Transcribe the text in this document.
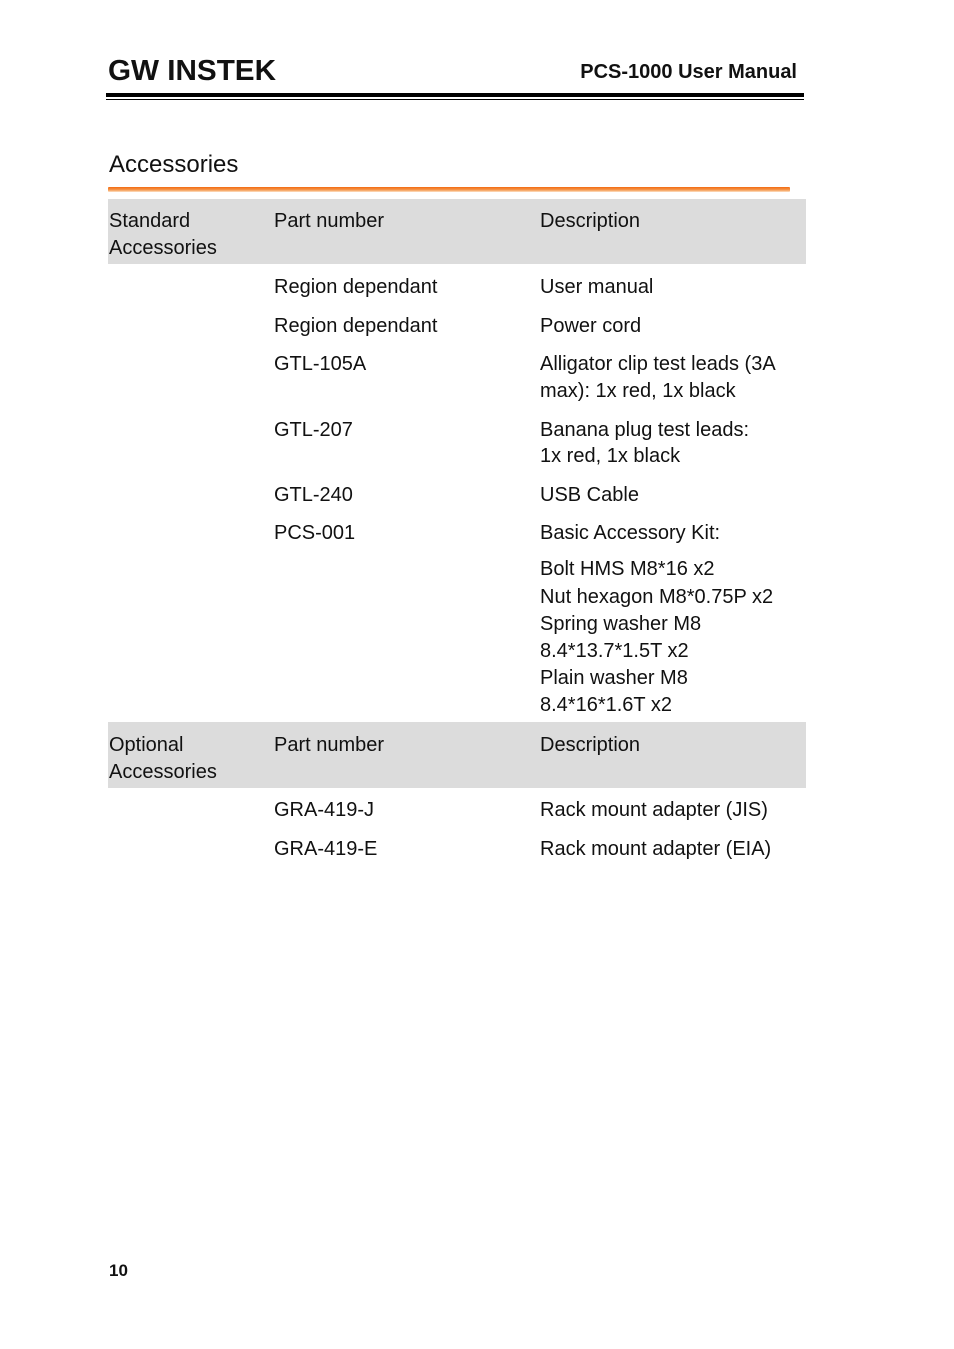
GW INSTEK	PCS-1000 User Manual
Accessories
Standard
Accessories
Part number	Description
Region dependant	User manual
Region dependant	Power cord
GTL-105A	Alligator clip test leads (3A
max): 1x red, 1x black
GTL-207	Banana plug test leads:
1x red, 1x black
GTL-240	USB Cable
PCS-001	Basic Accessory Kit:
Bolt HMS M8*16 x2
Nut hexagon M8*0.75P x2
Spring washer M8
8.4*13.7*1.5T x2
Plain washer M8
8.4*16*1.6T x2
Optional
Accessories
Part number	Description
GRA-419-J	Rack mount adapter (JIS)
GRA-419-E	Rack mount adapter (EIA)
10
